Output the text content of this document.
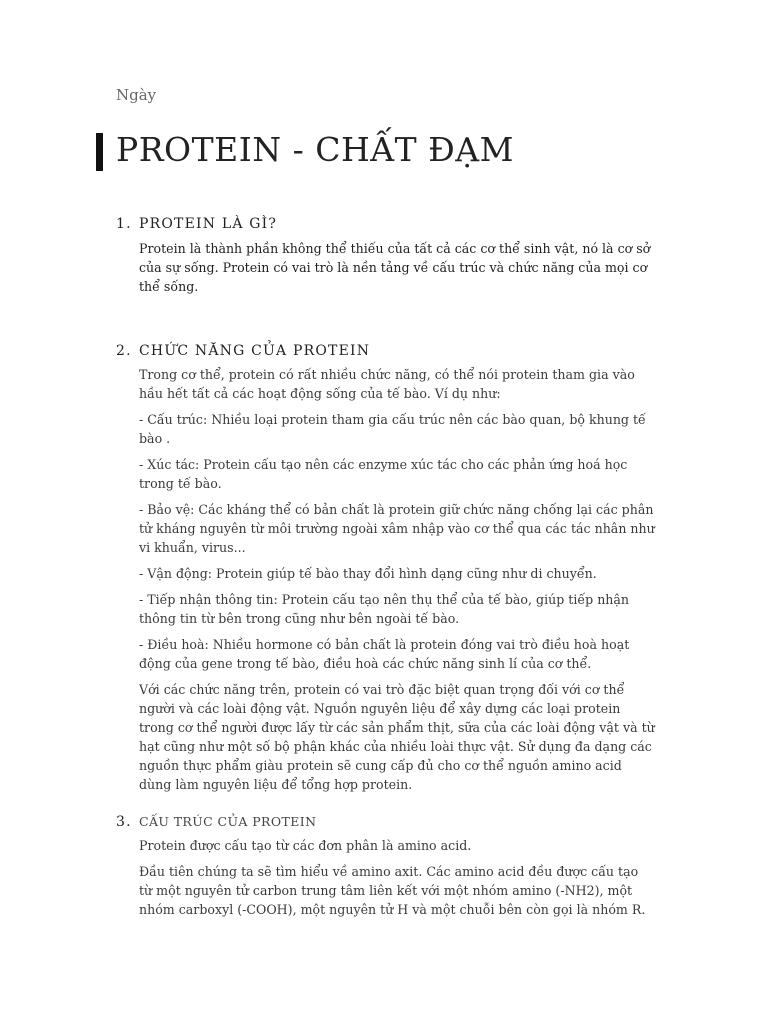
Ngày
PROTEIN - CHẤT ĐẠM
1. PROTEIN LÀ GÌ?

Protein là thành phần không thể thiếu của tất cả các cơ thể sinh vật, nó là cơ sở của sự sống. Protein có vai trò là nền tảng về cấu trúc và chức năng của mọi cơ thể sống.

2. CHỨC NĂNG CỦA PROTEIN

Trong cơ thể, protein có rất nhiều chức năng, có thể nói protein tham gia vào hầu hết tất cả các hoạt động sống của tế bào. Ví dụ như:

- Cấu trúc: Nhiều loại protein tham gia cấu trúc nên các bào quan, bộ khung tế bào .

- Xúc tác: Protein cấu tạo nên các enzyme xúc tác cho các phản ứng hoá học trong tế bào.

- Bảo vệ: Các kháng thể có bản chất là protein giữ chức năng chống lại các phân tử kháng nguyên từ môi trường ngoài xâm nhập vào cơ thể qua các tác nhân như vi khuẩn, virus...

- Vận động: Protein giúp tế bào thay đổi hình dạng cũng như di chuyển.

- Tiếp nhận thông tin: Protein cấu tạo nên thụ thể của tế bào, giúp tiếp nhận thông tin từ bên trong cũng như bên ngoài tế bào.

- Điều hoà: Nhiều hormone có bản chất là protein đóng vai trò điều hoà hoạt động của gene trong tế bào, điều hoà các chức năng sinh lí của cơ thể.

Với các chức năng trên, protein có vai trò đặc biệt quan trọng đối với cơ thể người và các loài động vật. Nguồn nguyên liệu để xây dựng các loại protein trong cơ thể người được lấy từ các sản phẩm thịt, sữa của các loài động vật và từ hạt cũng như một số bộ phận khác của nhiều loài thực vật. Sử dụng đa dạng các nguồn thực phẩm giàu protein sẽ cung cấp đủ cho cơ thể nguồn amino acid dùng làm nguyên liệu để tổng hợp protein.

3. CẤU TRÚC CỦA PROTEIN

Protein được cấu tạo từ các đơn phân là amino acid.

Đầu tiên chúng ta sẽ tìm hiểu về amino axit. Các amino acid đều được cấu tạo từ một nguyên tử carbon trung tâm liên kết với một nhóm amino (-NH2), một nhóm carboxyl (-COOH), một nguyên tử H và một chuỗi bên còn gọi là nhóm R.
